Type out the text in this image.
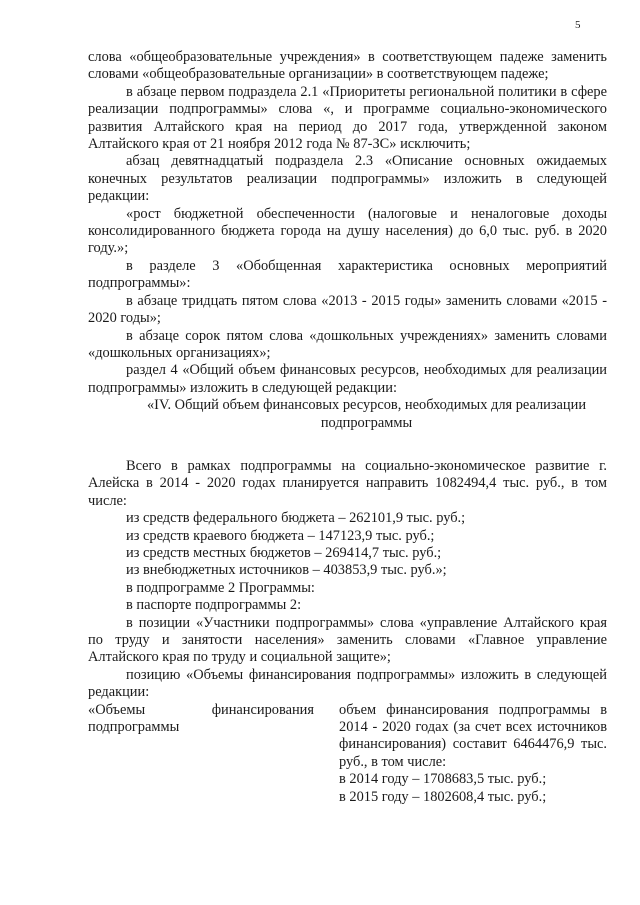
5

слова «общеобразовательные учреждения» в соответствующем падеже заменить словами «общеобразовательные организации» в соответствующем падеже;

в абзаце первом подраздела 2.1 «Приоритеты региональной политики в сфере реализации подпрограммы» слова «, и программе социально-экономического развития Алтайского края на период до 2017 года, утвержденной законом Алтайского края от 21 ноября 2012 года № 87-ЗС» исключить;

абзац девятнадцатый подраздела 2.3 «Описание основных ожидаемых конечных результатов реализации подпрограммы» изложить в следующей редакции:

«рост бюджетной обеспеченности (налоговые и неналоговые доходы консолидированного бюджета города на душу населения) до 6,0 тыс. руб. в 2020 году.»;

в разделе 3 «Обобщенная характеристика основных мероприятий подпрограммы»:

в абзаце тридцать пятом слова «2013 - 2015 годы» заменить словами «2015 - 2020 годы»;

в абзаце сорок пятом слова «дошкольных учреждениях» заменить словами «дошкольных организациях»;

раздел 4 «Общий объем финансовых ресурсов, необходимых для реализации подпрограммы» изложить в следующей редакции:

«IV. Общий объем финансовых ресурсов, необходимых для реализации подпрограммы

Всего в рамках подпрограммы на социально-экономическое развитие г. Алейска в 2014 - 2020 годах планируется направить 1082494,4 тыс. руб., в том числе:

из средств федерального бюджета – 262101,9 тыс. руб.;

из средств краевого бюджета – 147123,9 тыс. руб.;

из средств местных бюджетов – 269414,7 тыс. руб.;

из внебюджетных источников – 403853,9 тыс. руб.»;

в подпрограмме 2 Программы:

в паспорте подпрограммы 2:

в позиции «Участники подпрограммы» слова «управление Алтайского края по труду и занятости населения» заменить словами «Главное управление Алтайского края по труду и социальной защите»;

позицию «Объемы финансирования подпрограммы» изложить в следующей редакции:

«Объемы финансирования подпрограммы

объем финансирования подпрограммы в 2014 - 2020 годах (за счет всех источников финансирования) составит 6464476,9 тыс. руб., в том числе:

в 2014 году – 1708683,5 тыс. руб.;

в 2015 году – 1802608,4 тыс. руб.;
